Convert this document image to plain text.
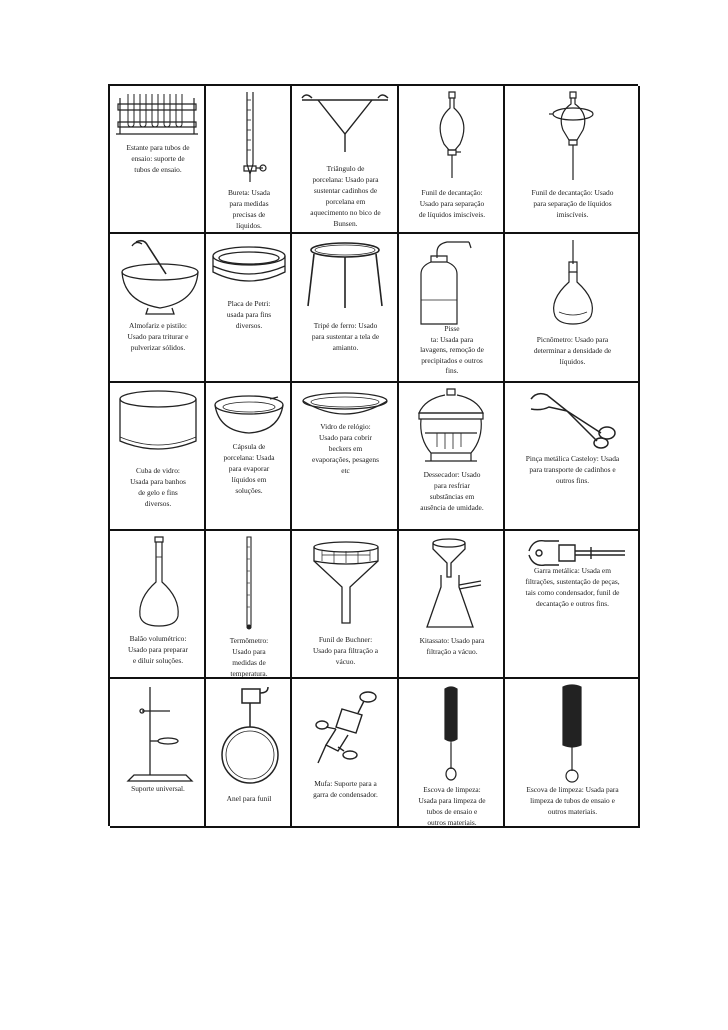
Estante para tubos de
ensaio: suporte de
tubos de ensaio.
Bureta: Usada
para medidas
precisas de
líquidos.
Triângulo de
porcelana: Usado para
sustentar cadinhos de
porcelana em
aquecimento no bico de
Bunsen.
Funil de decantação:
Usado para separação
de líquidos imiscíveis.
Funil de decantação: Usado
para separação de líquidos
imiscíveis.
Almofariz e pistilo:
Usado para triturar e
pulverizar sólidos.
Placa de Petri:
usada para fins
diversos.	Tripé de ferro: Usado
para sustentar a tela de
amianto.
Pisse
ta: Usada para
lavagens, remoção de
precipitados e outros
fins.
Picnômetro: Usado para
determinar a densidade de
líquidos.
Cuba de vidro:
Usada para banhos
de gelo e fins
diversos.
Cápsula de
porcelana: Usada
para evaporar
líquidos em
soluções.
Vidro de relógio:
Usado para cobrir
beckers em
evaporações, pesagens
etc	Dessecador: Usado
para resfriar
substâncias em
ausência de umidade.
Pinça metálica Casteloy: Usada
para transporte de cadinhos e
outros fins.
Balão volumétrico:
Usado para preparar
e diluir soluções.
Termômetro:
Usado para
medidas de
temperatura.
Funil de Buchner:
Usado para filtração a
vácuo.
Kitassato: Usado para
filtração a vácuo.
Garra metálica: Usada em
filtrações, sustentação de peças,
tais como condensador, funil de
decantação e outros fins.
Suporte universal.
Anel para funil
Mufa: Suporte para a
garra de condensador.
Escova de limpeza:
Usada para limpeza de
tubos de ensaio e
outros materiais.
Escova de limpeza: Usada para
limpeza de tubos de ensaio e
outros materiais.
